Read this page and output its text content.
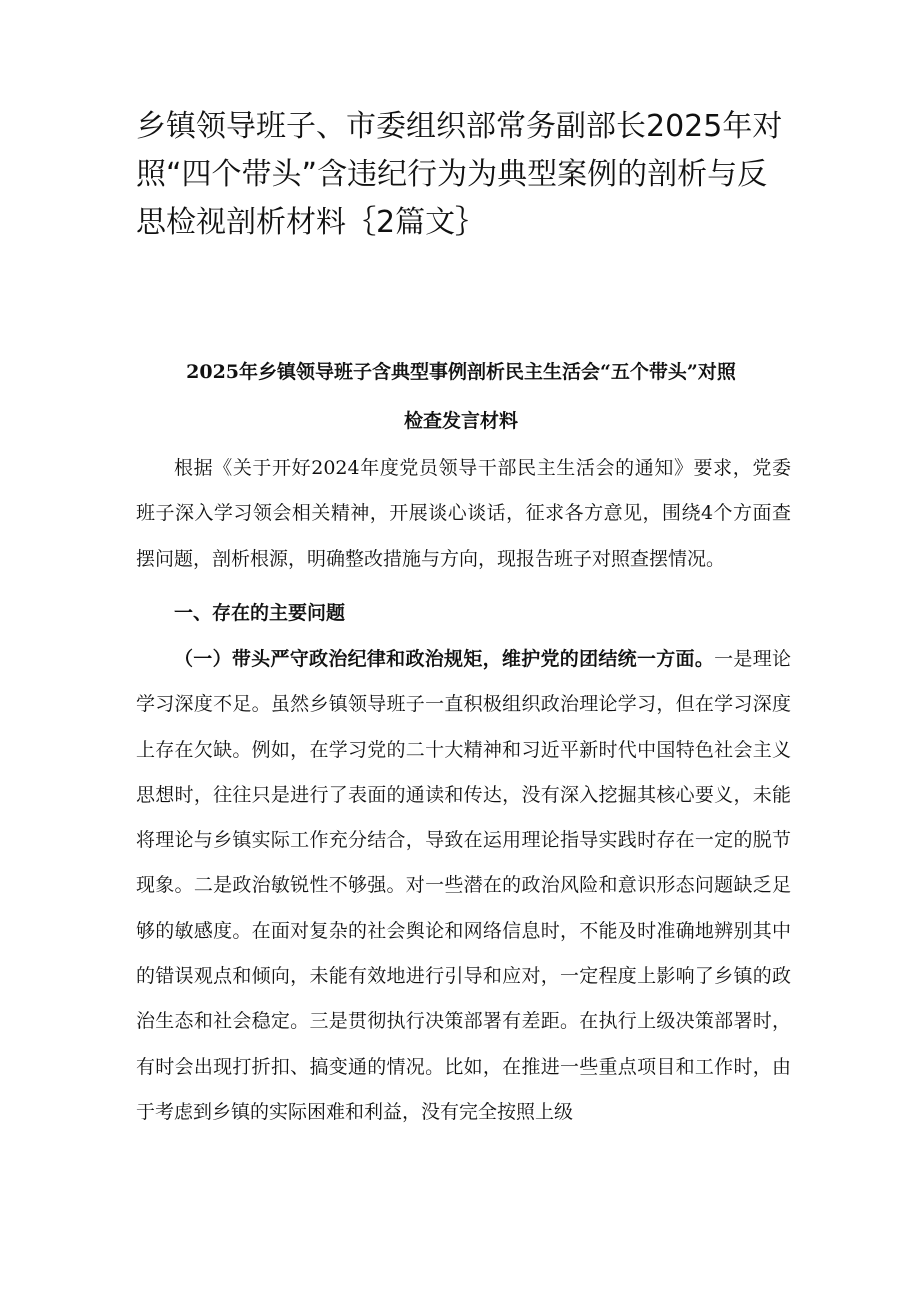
乡镇领导班子、市委组织部常务副部长2025年对照“四个带头”含违纪行为为典型案例的剖析与反思检视剖析材料｛2篇文｝
2025年乡镇领导班子含典型事例剖析民主生活会“五个带头”对照
检查发言材料

根据《关于开好2024年度党员领导干部民主生活会的通知》要求，党委班子深入学习领会相关精神，开展谈心谈话，征求各方意见，围绕4个方面查摆问题，剖析根源，明确整改措施与方向，现报告班子对照查摆情况。

一、存在的主要问题

（一）带头严守政治纪律和政治规矩，维护党的团结统一方面。一是理论学习深度不足。虽然乡镇领导班子一直积极组织政治理论学习，但在学习深度上存在欠缺。例如，在学习党的二十大精神和习近平新时代中国特色社会主义思想时，往往只是进行了表面的通读和传达，没有深入挖掘其核心要义，未能将理论与乡镇实际工作充分结合，导致在运用理论指导实践时存在一定的脱节现象。二是政治敏锐性不够强。对一些潜在的政治风险和意识形态问题缺乏足够的敏感度。在面对复杂的社会舆论和网络信息时，不能及时准确地辨别其中的错误观点和倾向，未能有效地进行引导和应对，一定程度上影响了乡镇的政治生态和社会稳定。三是贯彻执行决策部署有差距。在执行上级决策部署时，有时会出现打折扣、搞变通的情况。比如，在推进一些重点项目和工作时，由于考虑到乡镇的实际困难和利益，没有完全按照上级
